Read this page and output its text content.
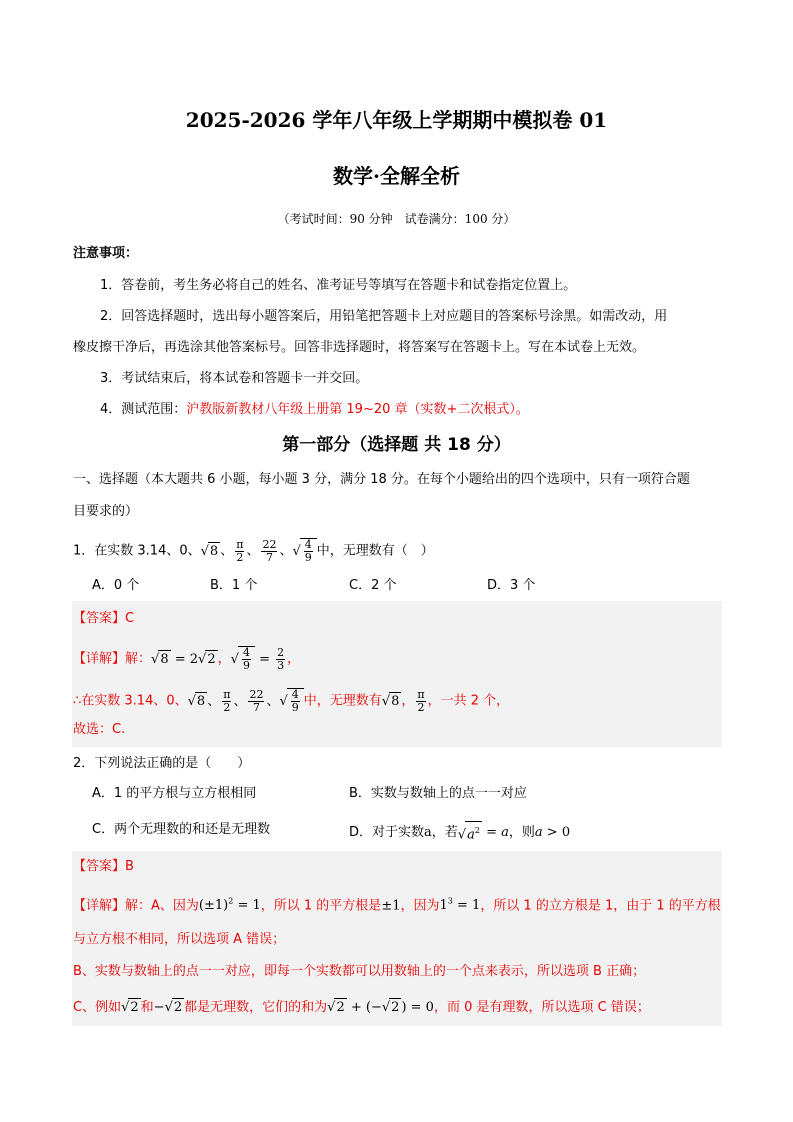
2025-2026 学年八年级上学期期中模拟卷 01
数学·全解全析
（考试时间：90 分钟　试卷满分：100 分）
注意事项：
1．答卷前，考生务必将自己的姓名、准考证号等填写在答题卡和试卷指定位置上。
2．回答选择题时，选出每小题答案后，用铅笔把答题卡上对应题目的答案标号涂黑。如需改动，用
橡皮擦干净后，再选涂其他答案标号。回答非选择题时，将答案写在答题卡上。写在本试卷上无效。
3．考试结束后，将本试卷和答题卡一并交回。
4．测试范围：沪教版新教材八年级上册第 19~20 章（实数+二次根式）。
第一部分（选择题 共 18 分）
一、选择题（本大题共 6 小题，每小题 3 分，满分 18 分。在每个小题给出的四个选项中，只有一项符合题
目要求的）
1．在实数 3.14、0、√8 、 $\frac{\pi}{2}$ 、 $\frac{22}{7}$ 、√ $\frac{4}{9}$ 中，无理数有（　）
A．0 个	B．1 个	C．2 个	D．3 个
【答案】C
【详解】解：√8 = 2√2 ，√ $\frac{4}{9} = \frac{2}{3}$ ，
∴在实数 3.14、0、√8 、 $\frac{\pi}{2}$ 、 $\frac{22}{7}$ 、√ $\frac{4}{9}$ 中，无理数有√8 ， $\frac{\pi}{2}$ ，一共 2 个，
故选：C.
2．下列说法正确的是（　　）
A．1 的平方根与立方根相同	B．实数与数轴上的点一一对应
C．两个无理数的和还是无理数	D．对于实数a，若$√a^2 = a$，则a > 0
【答案】B
【详解】解：A、因为$(\pm 1)^2 = 1$，所以 1 的平方根是±1，因为$1^3 = 1$，所以 1 的立方根是 1，由于 1 的平方根
与立方根不相同，所以选项 A 错误；
B、实数与数轴上的点一一对应，即每一个实数都可以用数轴上的一个点来表示，所以选项 B 正确；
C、例如√2 和−√2 都是无理数，它们的和为√2 + (−√2 ) = 0，而 0 是有理数，所以选项 C 错误；
